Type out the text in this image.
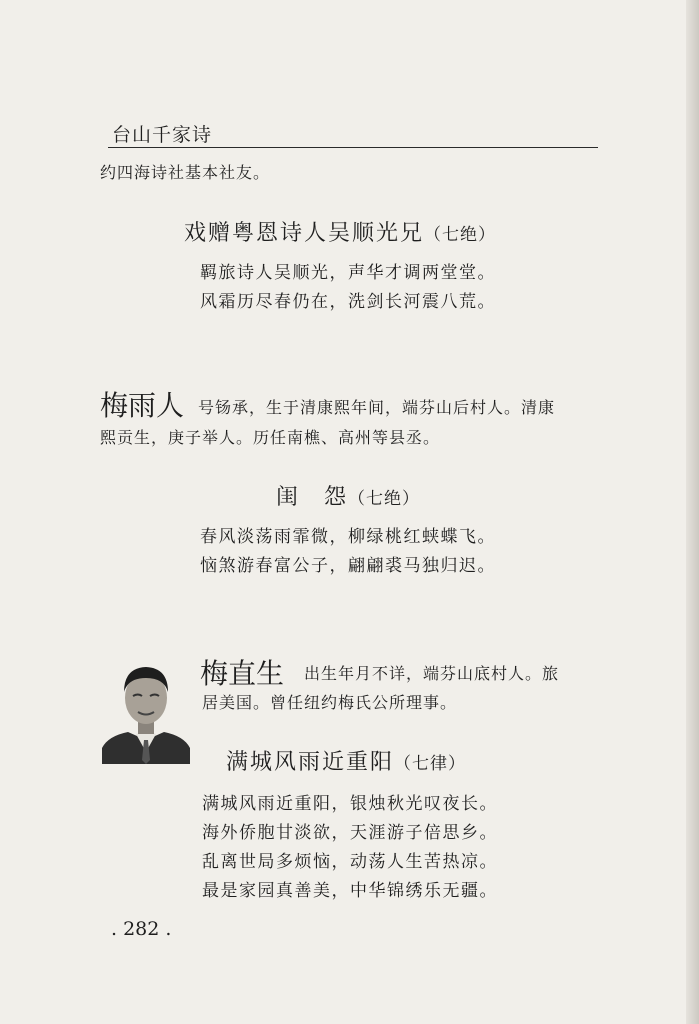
台山千家诗
约四海诗社基本社友。
戏赠粤恩诗人吴顺光兄（七绝）
羁旅诗人吴顺光，声华才调两堂堂。
风霜历尽春仍在，洗剑长河震八荒。
梅雨人 号钖承，生于清康熙年间，端芬山后村人。清康
熙贡生，庚子举人。历任南樵、高州等县丞。
闺　怨（七绝）
春风淡荡雨霏微，柳绿桃红蛱蝶飞。
恼煞游春富公子，翩翩裘马独归迟。
梅直生 出生年月不详，端芬山底村人。旅
居美国。曾任纽约梅氏公所理事。
满城风雨近重阳（七律）
满城风雨近重阳，银烛秋光叹夜长。
海外侨胞甘淡欲，天涯游子倍思乡。
乱离世局多烦恼，动荡人生苦热凉。
最是家园真善美，中华锦绣乐无疆。
. 282 .
